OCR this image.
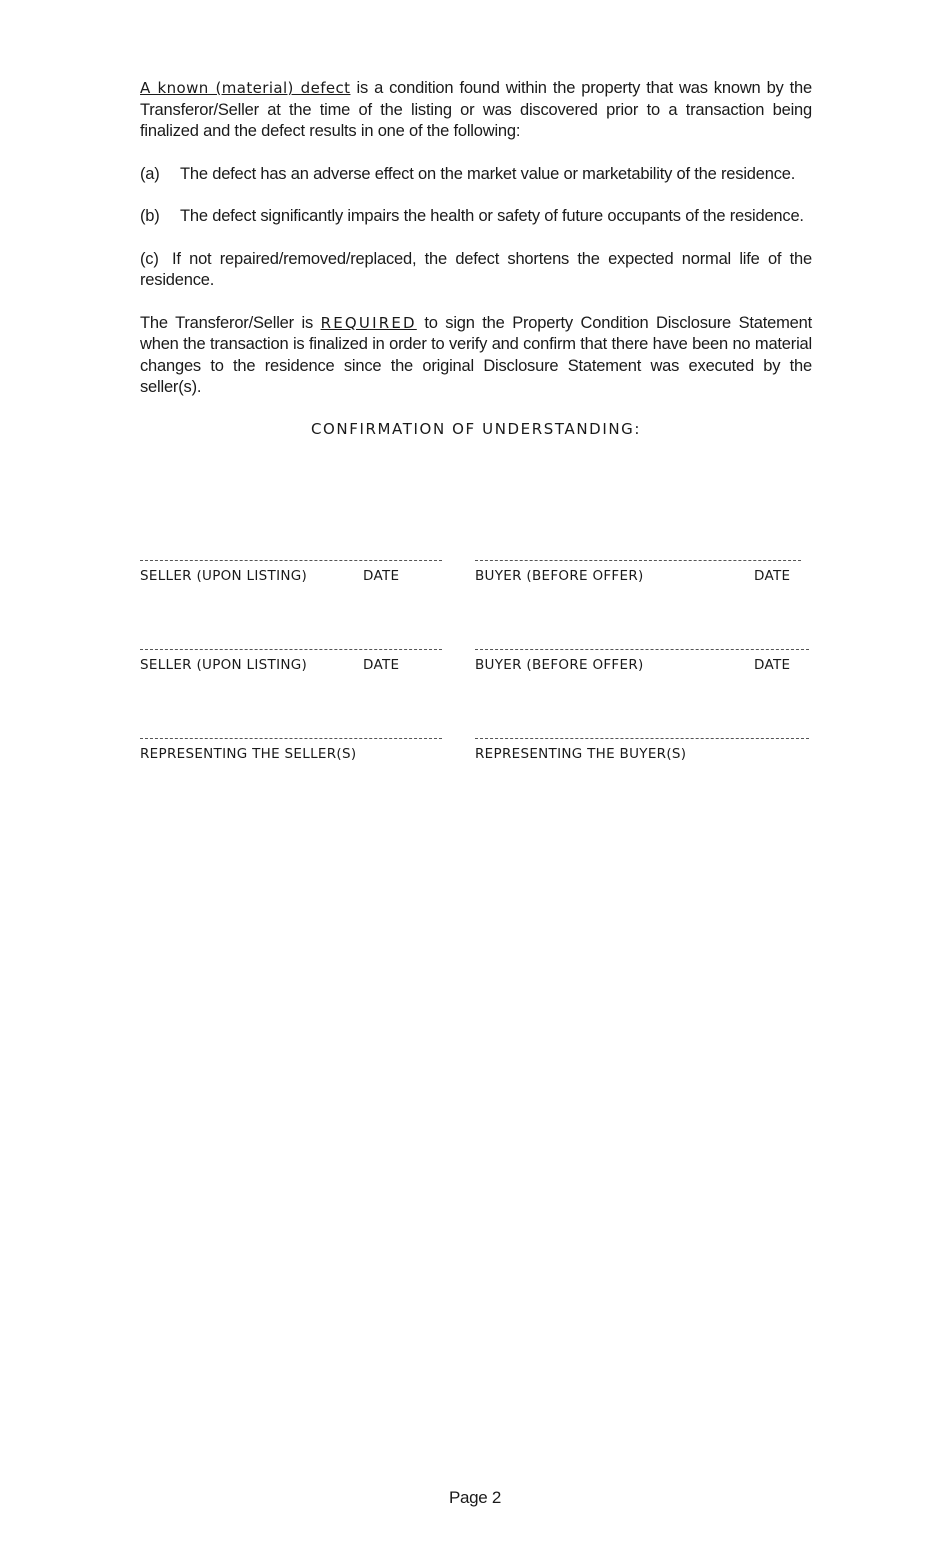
A known (material) defect is a condition found within the property that was known by the Transferor/Seller at the time of the listing or was discovered prior to a transaction being finalized and the defect results in one of the following:

(a) The defect has an adverse effect on the market value or marketability of the residence.

(b) The defect significantly impairs the health or safety of future occupants of the residence.

(c) If not repaired/removed/replaced, the defect shortens the expected normal life of the residence.

The Transferor/Seller is REQUIRED to sign the Property Condition Disclosure Statement when the transaction is finalized in order to verify and confirm that there have been no material changes to the residence since the original Disclosure Statement was executed by the seller(s).

CONFIRMATION OF UNDERSTANDING:
SELLER (UPON LISTING)	DATE	BUYER (BEFORE OFFER)	DATE
SELLER (UPON LISTING)	DATE	BUYER (BEFORE OFFER)	DATE
REPRESENTING THE SELLER(S)	REPRESENTING THE BUYER(S)
Page 2
